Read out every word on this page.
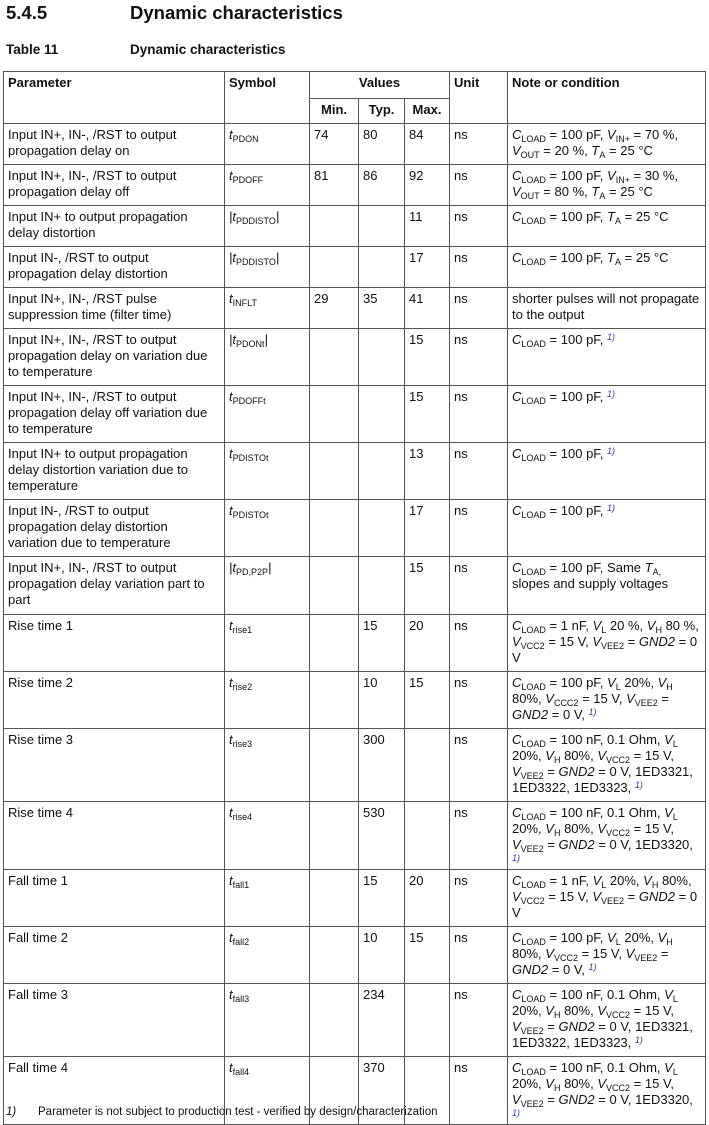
5.4.5	Dynamic characteristics
Table 11	Dynamic characteristics
Parameter	Symbol	Values			Unit	Note or condition
		Min.	Typ.	Max.		
Input IN+, IN-, /RST to output propagation delay on	$t_{PDON}$	74	80	84	ns	$C_{LOAD} = 100$ pF, $V_{IN+} = 70$ %, $V_{OUT} = 20$ %, $T_A = 25$ °C
Input IN+, IN-, /RST to output propagation delay off	$t_{PDOFF}$	81	86	92	ns	$C_{LOAD} = 100$ pF, $V_{IN+} = 30$ %, $V_{OUT} = 80$ %, $T_A = 25$ °C
Input IN+ to output propagation delay distortion	$|t_{PDDISTO}|$			11	ns	$C_{LOAD} = 100$ pF, $T_A = 25$ °C
Input IN-, /RST to output propagation delay distortion	$|t_{PDDISTO}|$			17	ns	$C_{LOAD} = 100$ pF, $T_A = 25$ °C
Input IN+, IN-, /RST pulse suppression time (filter time)	$t_{INFLT}$	29	35	41	ns	shorter pulses will not propagate to the output
Input IN+, IN-, /RST to output propagation delay on variation due to temperature	$|t_{PDONt}|$			15	ns	$C_{LOAD} = 100$ pF, $^{1)}$
Input IN+, IN-, /RST to output propagation delay off variation due to temperature	$t_{PDOFFt}$			15	ns	$C_{LOAD} = 100$ pF, $^{1)}$
Input IN+ to output propagation delay distortion variation due to temperature	$t_{PDISTOt}$			13	ns	$C_{LOAD} = 100$ pF, $^{1)}$
Input IN-, /RST to output propagation delay distortion variation due to temperature	$t_{PDISTOt}$			17	ns	$C_{LOAD} = 100$ pF, $^{1)}$
Input IN+, IN-, /RST to output propagation delay variation part to part	$|t_{PD,P2P}|$			15	ns	$C_{LOAD} = 100$ pF, Same $T_{A,}$ slopes and supply voltages
Rise time 1	$t_{rise1}$		15	20	ns	$C_{LOAD} = 1$ nF, $V_L$ 20 %, $V_H$ 80 %, $V_{VCC2} = 15$ V, $V_{VEE2} = GND2 = 0$ V
Rise time 2	$t_{rise2}$		10	15	ns	$C_{LOAD} = 100$ pF, $V_L$ 20%, $V_H$ 80%, $V_{CCC2} = 15$ V, $V_{VEE2} = GND2 = 0$ V, $^{1)}$
Rise time 3	$t_{rise3}$		300		ns	$C_{LOAD} = 100$ nF, 0.1 Ohm, $V_L$ 20%, $V_H$ 80%, $V_{VCC2} = 15$ V, $V_{VEE2} = GND2 = 0$ V, 1ED3321, 1ED3322, 1ED3323, $^{1)}$
Rise time 4	$t_{rise4}$		530		ns	$C_{LOAD} = 100$ nF, 0.1 Ohm, $V_L$ 20%, $V_H$ 80%, $V_{VCC2} = 15$ V, $V_{VEE2} = GND2 = 0$ V, 1ED3320, $^{1)}$
Fall time 1	$t_{fall1}$		15	20	ns	$C_{LOAD} = 1$ nF, $V_L$ 20%, $V_H$ 80%, $V_{VCC2} = 15$ V, $V_{VEE2} = GND2 = 0$ V
Fall time 2	$t_{fall2}$		10	15	ns	$C_{LOAD} = 100$ pF, $V_L$ 20%, $V_H$ 80%, $V_{VCC2} = 15$ V, $V_{VEE2} = GND2 = 0$ V, $^{1)}$
Fall time 3	$t_{fall3}$		234		ns	$C_{LOAD} = 100$ nF, 0.1 Ohm, $V_L$ 20%, $V_H$ 80%, $V_{VCC2} = 15$ V, $V_{VEE2} = GND2 = 0$ V, 1ED3321, 1ED3322, 1ED3323, $^{1)}$
Fall time 4	$t_{fall4}$		370		ns	$C_{LOAD} = 100$ nF, 0.1 Ohm, $V_L$ 20%, $V_H$ 80%, $V_{VCC2} = 15$ V, $V_{VEE2} = GND2 = 0$ V, 1ED3320, $^{1)}$
1) Parameter is not subject to production test - verified by design/characterization
